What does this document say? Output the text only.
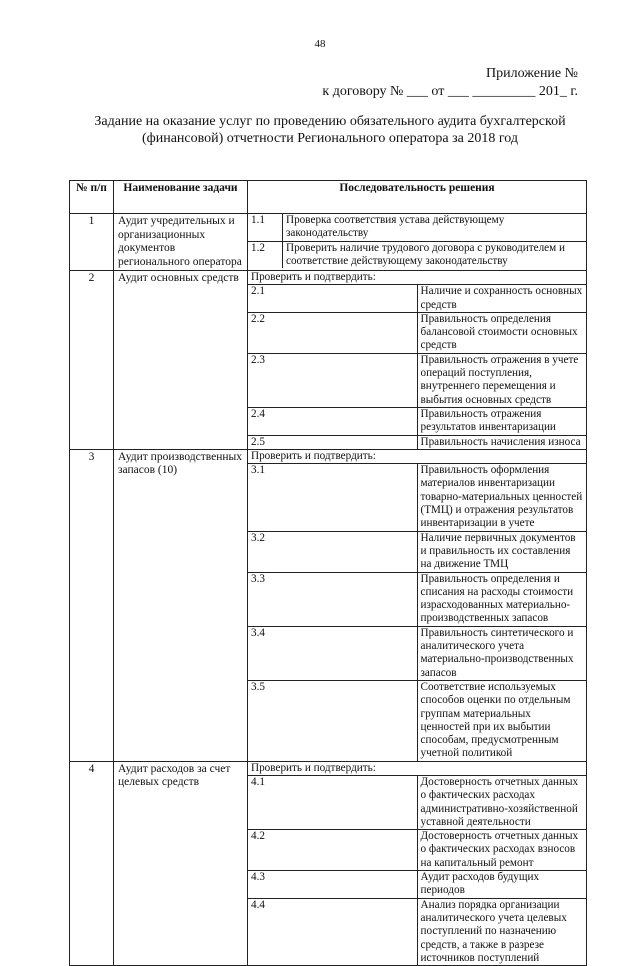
48
Приложение №
к договору № ___ от ___ _________ 201_ г.
Задание на оказание услуг по проведению обязательного аудита бухгалтерской (финансовой) отчетности Регионального оператора за 2018 год
№ п/п	Наименование задачи	Последовательность решения
1	Аудит учредительных и организационных документов регионального оператора	
1.1	Проверка соответствия устава действующему законодательству
1.2	Проверить наличие трудового договора с руководителем и соответствие действующему законодательству

2	Аудит основных средств	Проверить и подтвердить:
2.1	Наличие и сохранность основных средств
2.2	Правильность определения балансовой стоимости основных средств
2.3	Правильность отражения в учете операций поступления, внутреннего перемещения и выбытия основных средств
2.4	Правильность отражения результатов инвентаризации
2.5	Правильность начисления износа

3	Аудит производственных запасов (10)	
Проверить и подтвердить:
3.1	Правильность оформления материалов инвентаризации товарно-материальных ценностей (ТМЦ) и отражения результатов инвентаризации в учете
3.2	Наличие первичных документов и правильность их составления на движение ТМЦ
3.3	Правильность определения и списания на расходы стоимости израсходованных материально-производственных запасов
3.4	Правильность синтетического и аналитического учета материально-производственных запасов
3.5	Соответствие используемых способов оценки по отдельным группам материальных ценностей при их выбытии способам, предусмотренным учетной политикой

4	Аудит расходов за счет целевых средств	
Проверить и подтвердить:
4.1	Достоверность отчетных данных о фактических расходах административно-хозяйственной уставной деятельности
4.2	Достоверность отчетных данных о фактических расходах взносов на капитальный ремонт
4.3	Аудит расходов будущих периодов
4.4	Анализ порядка организации аналитического учета целевых поступлений по назначению средств, а также в разрезе источников поступлений
